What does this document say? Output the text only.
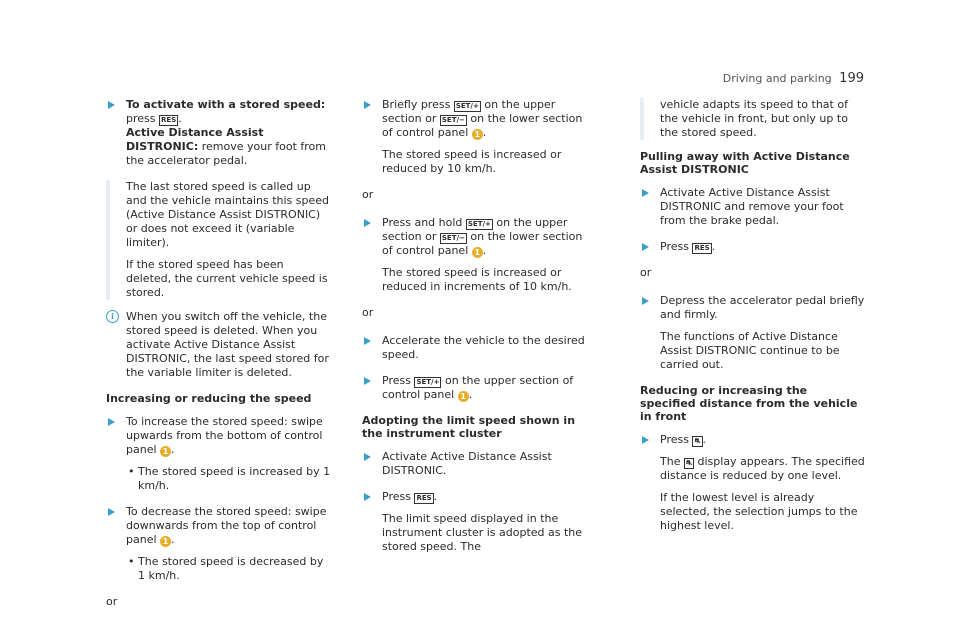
Driving and parking 199

To activate with a stored speed: press RES .
Active Distance Assist DISTRONIC: remove your foot from the accelerator pedal.

The last stored speed is called up and the vehicle maintains this speed (Active Distance Assist DISTRONIC) or does not exceed it (variable limiter).

If the stored speed has been deleted, the current vehicle speed is stored.

i	When you switch off the vehicle, the stored speed is deleted. When you activate Active Distance Assist DISTRONIC, the last speed stored for the variable limiter is deleted.
Increasing or reducing the speed

To increase the stored speed: swipe upwards from the bottom of control panel 1 .

• The stored speed is increased by 1 km/h.

To decrease the stored speed: swipe downwards from the top of control panel 1 .

• The stored speed is decreased by 1 km/h.
or

Briefly press SET/+ on the upper section or SET/− on the lower section of control panel 1 .

The stored speed is increased or reduced by 10 km/h.

or

Press and hold SET/+ on the upper section or SET/− on the lower section of control panel 1 .

The stored speed is increased or reduced in increments of 10 km/h.

or

Accelerate the vehicle to the desired speed.

Press SET/+ on the upper section of control panel 1 .

Adopting the limit speed shown in the instrument cluster

Activate Active Distance Assist DISTRONIC.

Press RES .

The limit speed displayed in the instrument cluster is adopted as the stored speed. The

vehicle adapts its speed to that of the vehicle in front, but only up to the stored speed.

Pulling away with Active Distance Assist DISTRONIC

Activate Active Distance Assist DISTRONIC and remove your foot from the brake pedal.

Press RES .

or

Depress the accelerator pedal briefly and firmly.

The functions of Active Distance Assist DISTRONIC continue to be carried out.

Reducing or increasing the specified distance from the vehicle in front

Press ⛐ .

The ⛐ display appears. The specified distance is reduced by one level.

If the lowest level is already selected, the selection jumps to the highest level.
